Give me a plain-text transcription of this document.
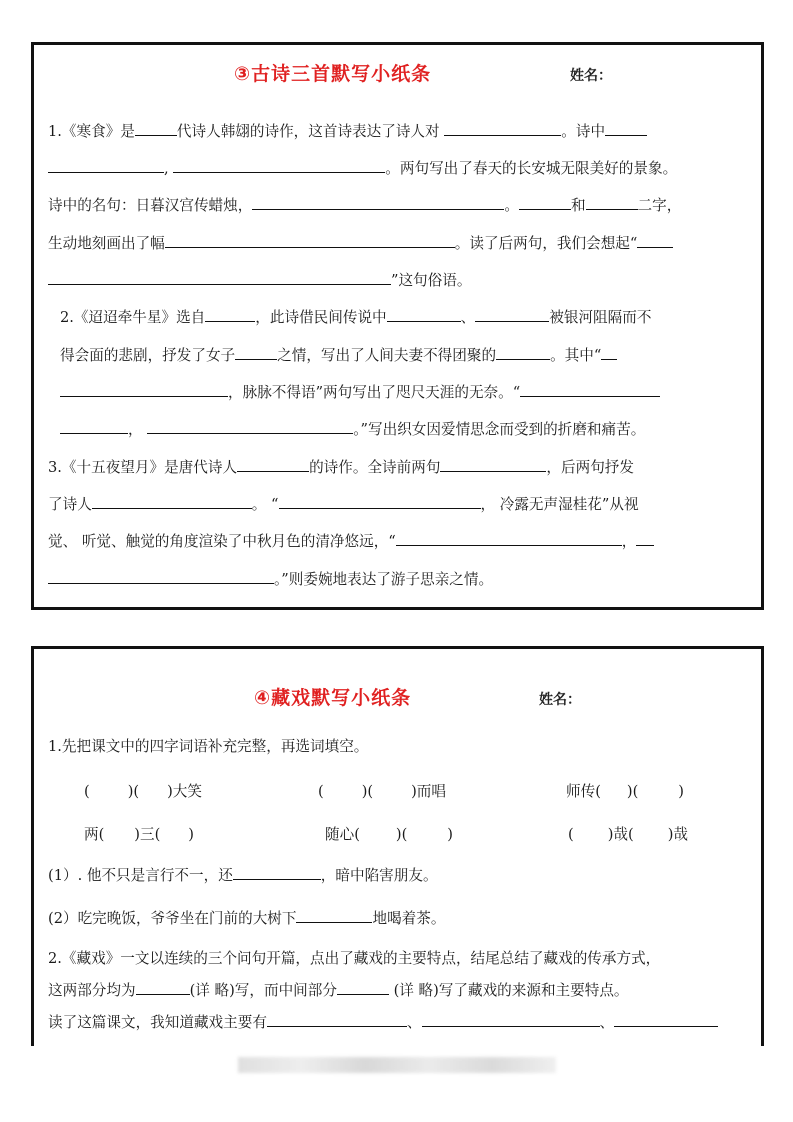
③古诗三首默写小纸条	姓名：
1.《寒食》是	代诗人韩翃的诗作，这首诗表达了诗人对	。诗中
,	。两句写出了春天的长安城无限美好的景象。
诗中的名句：日暮汉宫传蜡烛，	。	和	二字，
生动地刻画出了幅	。读了后两句，我们会想起“
”这句俗语。
2.《迢迢牵牛星》选自	，此诗借民间传说中	、	被银河阻隔而不
得会面的悲剧，抒发了女子	之情，写出了人间夫妻不得团聚的	。其中“
，脉脉不得语”两句写出了咫尺天涯的无奈。“
，	。”写出织女因爱情思念而受到的折磨和痛苦。
3.《十五夜望月》是唐代诗人	的诗作。全诗前两句	，后两句抒发
了诗人	。 “	， 冷露无声湿桂花”从视
觉、 听觉、触觉的角度渲染了中秋月色的清净悠远，“	，
。”则委婉地表达了游子思亲之情。
④藏戏默写小纸条	姓名：
1.先把课文中的四字词语补充完整，再选词填空。
(	)( )大笑	(	)(	)而唱	师传( )(	)
两( )三( )	随心( )(	)	( )哉( )哉
(1）. 他不只是言行不一，还	，暗中陷害朋友。
(2）吃完晚饭，爷爷坐在门前的大树下	地喝着茶。
2.《藏戏》一文以连续的三个问句开篇，点出了藏戏的主要特点，结尾总结了藏戏的传承方式，
这两部分均为	(详 略)写，而中间部分	(详 略)写了藏戏的来源和主要特点。
读了这篇课文，我知道藏戏主要有	、	、
